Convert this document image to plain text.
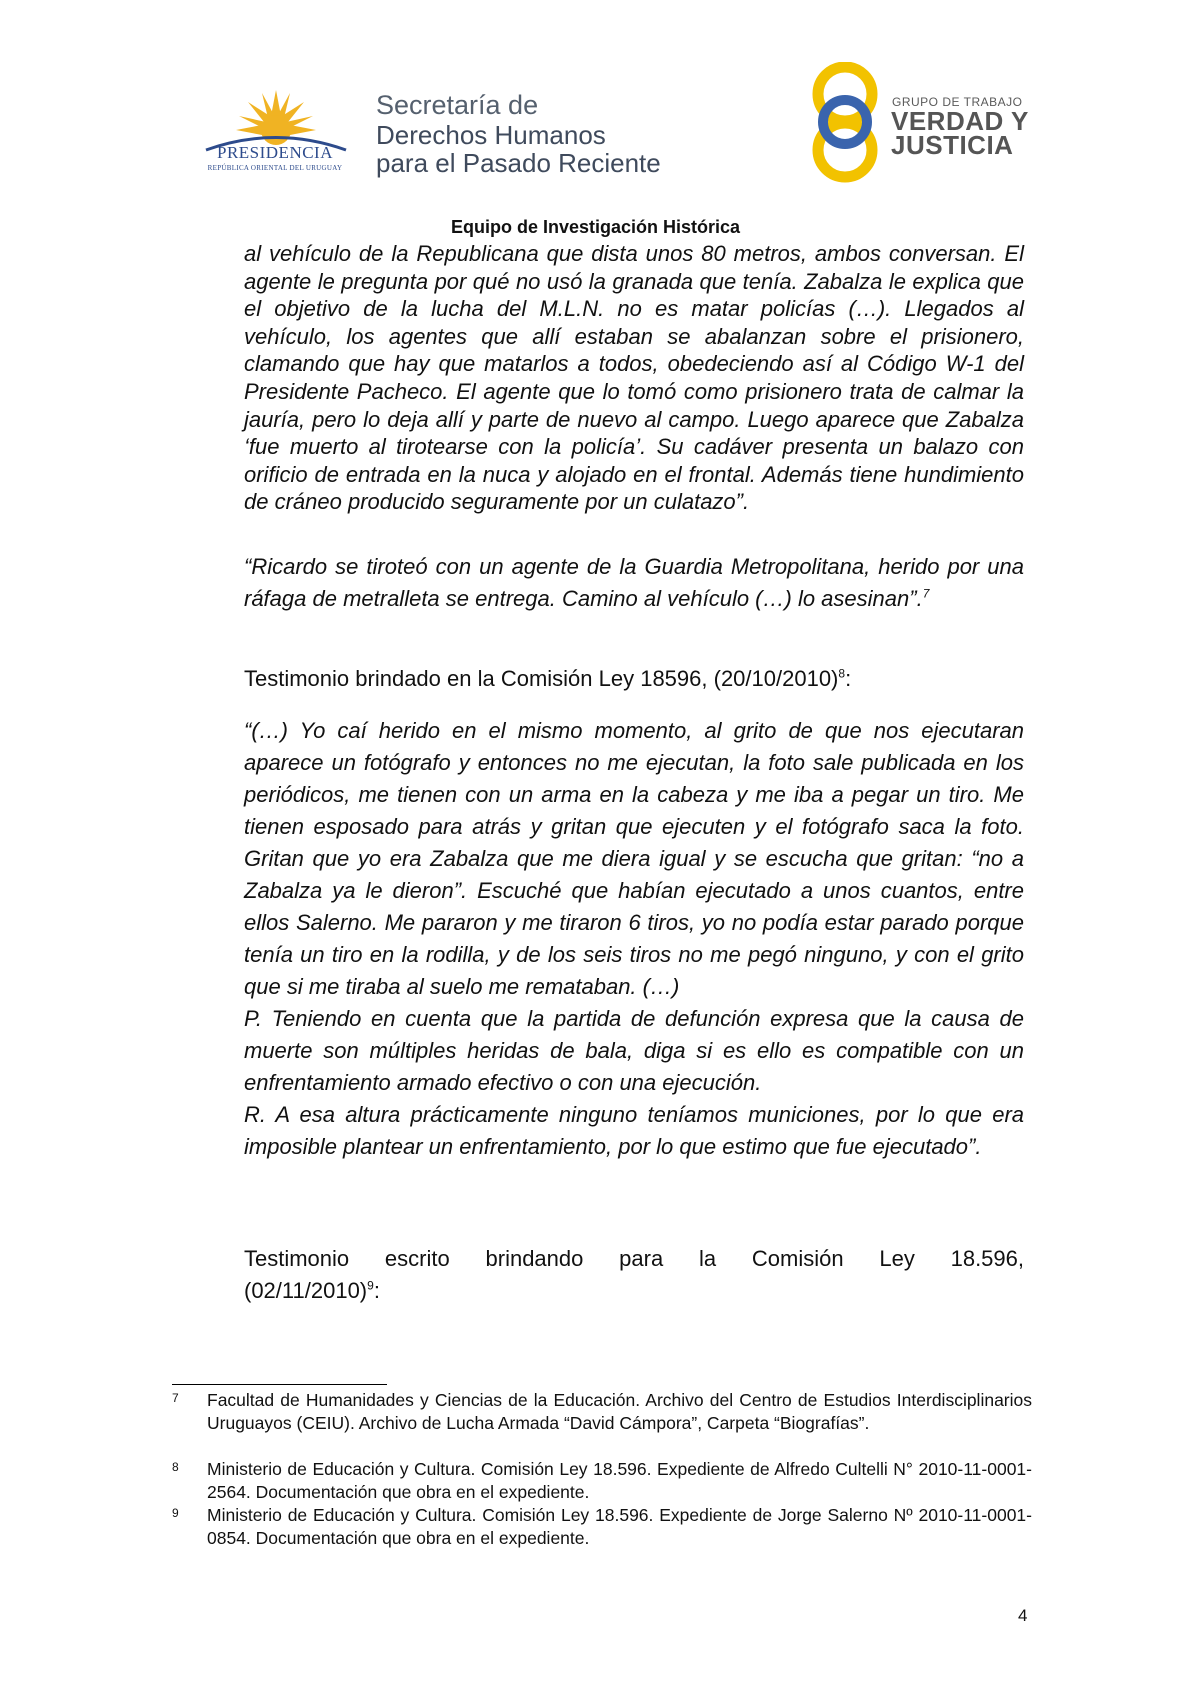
PRESIDENCIA
REPÚBLICA ORIENTAL DEL URUGUAY
Secretaría de
Derechos Humanos
para el Pasado Reciente
GRUPO DE TRABAJO
VERDAD Y
JUSTICIA
Equipo de Investigación Histórica

al vehículo de la Republicana que dista unos 80 metros, ambos conversan. El agente le pregunta por qué no usó la granada que tenía. Zabalza le explica que el objetivo de la lucha del M.L.N. no es matar policías (…). Llegados al vehículo, los agentes que allí estaban se abalanzan sobre el prisionero, clamando que hay que matarlos a todos, obedeciendo así al Código W-1 del Presidente Pacheco. El agente que lo tomó como prisionero trata de calmar la jauría, pero lo deja allí y parte de nuevo al campo. Luego aparece que Zabalza ‘fue muerto al tirotearse con la policía’. Su cadáver presenta un balazo con orificio de entrada en la nuca y alojado en el frontal. Además tiene hundimiento de cráneo producido seguramente por un culatazo”.

“Ricardo se tiroteó con un agente de la Guardia Metropolitana, herido por una ráfaga de metralleta se entrega. Camino al vehículo (…) lo asesinan”.$^7$

Testimonio brindado en la Comisión Ley 18596, $(20/10/2010)^8$:

“(…) Yo caí herido en el mismo momento, al grito de que nos ejecutaran aparece un fotógrafo y entonces no me ejecutan, la foto sale publicada en los periódicos, me tienen con un arma en la cabeza y me iba a pegar un tiro. Me tienen esposado para atrás y gritan que ejecuten y el fotógrafo saca la foto. Gritan que yo era Zabalza que me diera igual y se escucha que gritan: “no a Zabalza ya le dieron”. Escuché que habían ejecutado a unos cuantos, entre ellos Salerno. Me pararon y me tiraron 6 tiros, yo no podía estar parado porque tenía un tiro en la rodilla, y de los seis tiros no me pegó ninguno, y con el grito que si me tiraba al suelo me remataban. (…)
P. Teniendo en cuenta que la partida de defunción expresa que la causa de muerte son múltiples heridas de bala, diga si es ello es compatible con un enfrentamiento armado efectivo o con una ejecución.
R. A esa altura prácticamente ninguno teníamos municiones, por lo que era imposible plantear un enfrentamiento, por lo que estimo que fue ejecutado”.

Testimonio escrito brindando para la Comisión Ley 18.596,

$(02/11/2010)^9$:

7 Facultad de Humanidades y Ciencias de la Educación. Archivo del Centro de Estudios Interdisciplinarios Uruguayos (CEIU). Archivo de Lucha Armada “David Cámpora”, Carpeta “Biografías”.
8 Ministerio de Educación y Cultura. Comisión Ley 18.596. Expediente de Alfredo Cultelli N° 2010-11-0001-2564. Documentación que obra en el expediente.
9 Ministerio de Educación y Cultura. Comisión Ley 18.596. Expediente de Jorge Salerno Nº 2010-11-0001-0854. Documentación que obra en el expediente.
4
